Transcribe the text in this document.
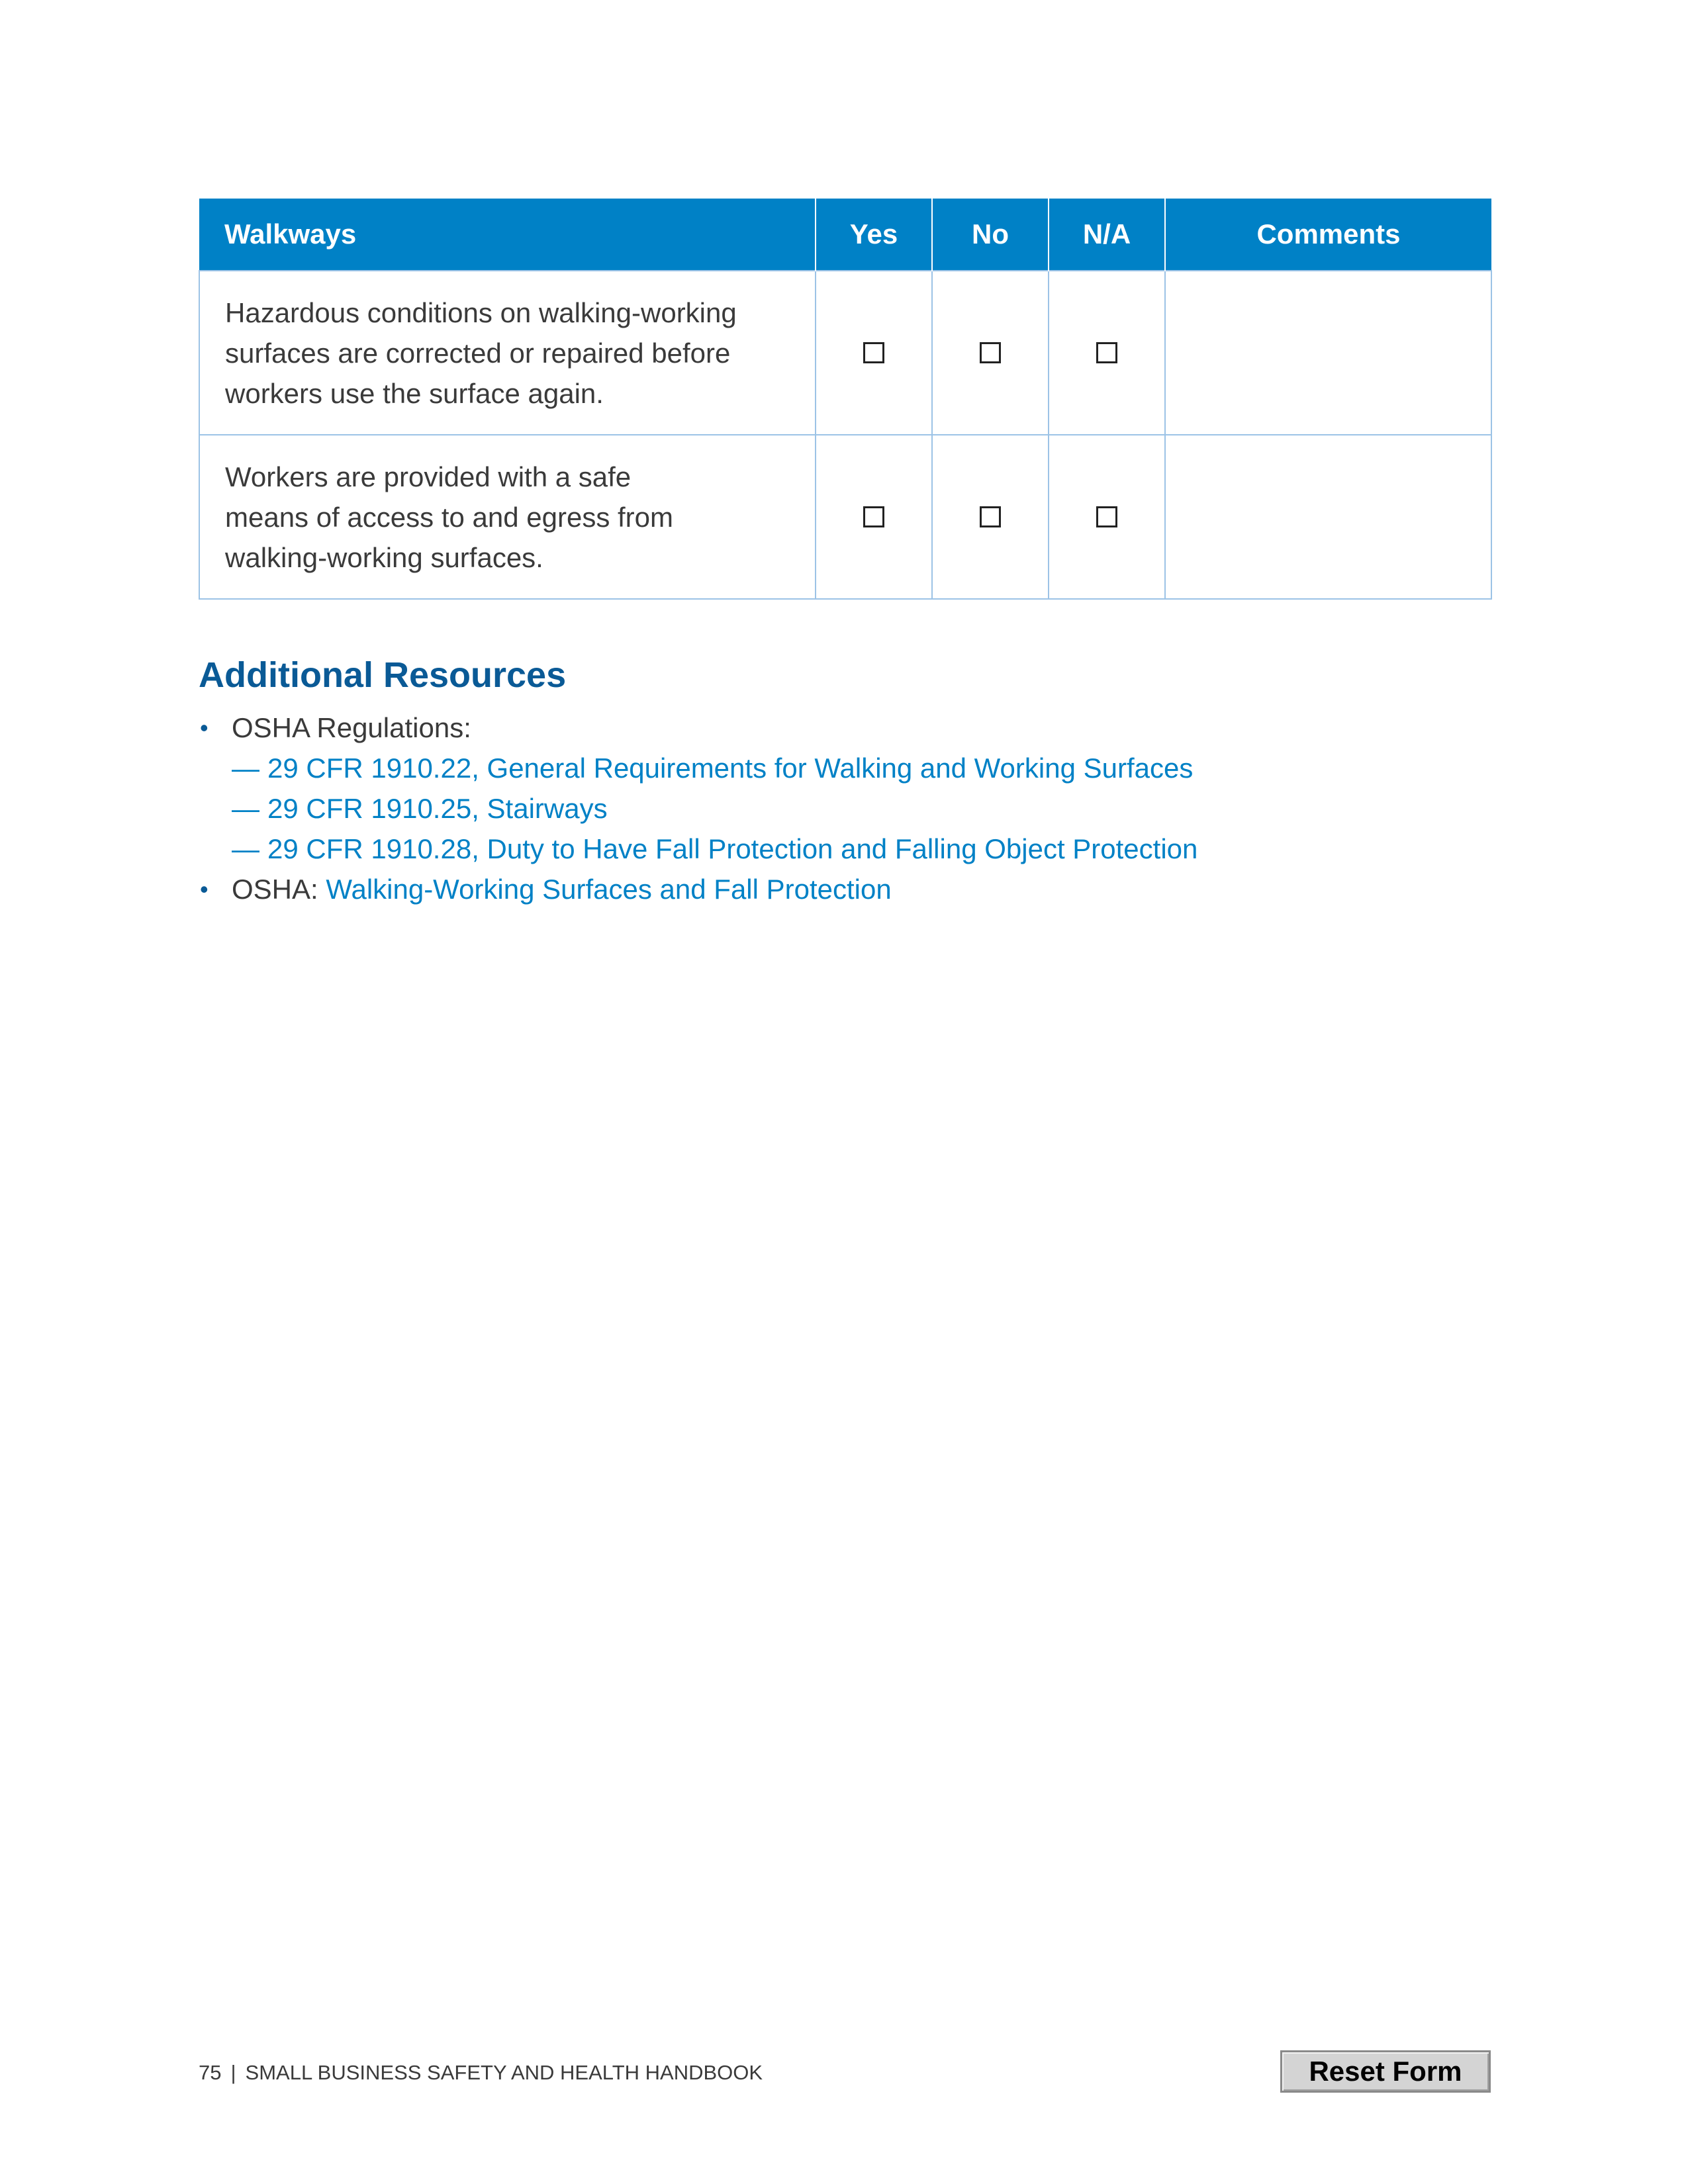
Walkways	Yes	No	N/A	Comments

Hazardous conditions on walking-working
surfaces are corrected or repaired before
workers use the surface again.				

Workers are provided with a safe
means of access to and egress from
walking-working surfaces.				

Additional Resources
• OSHA Regulations:
— 29 CFR 1910.22, General Requirements for Walking and Working Surfaces
— 29 CFR 1910.25, Stairways
— 29 CFR 1910.28, Duty to Have Fall Protection and Falling Object Protection
• OSHA: Walking-Working Surfaces and Fall Protection
75 | SMALL BUSINESS SAFETY AND HEALTH HANDBOOK	Reset Form
